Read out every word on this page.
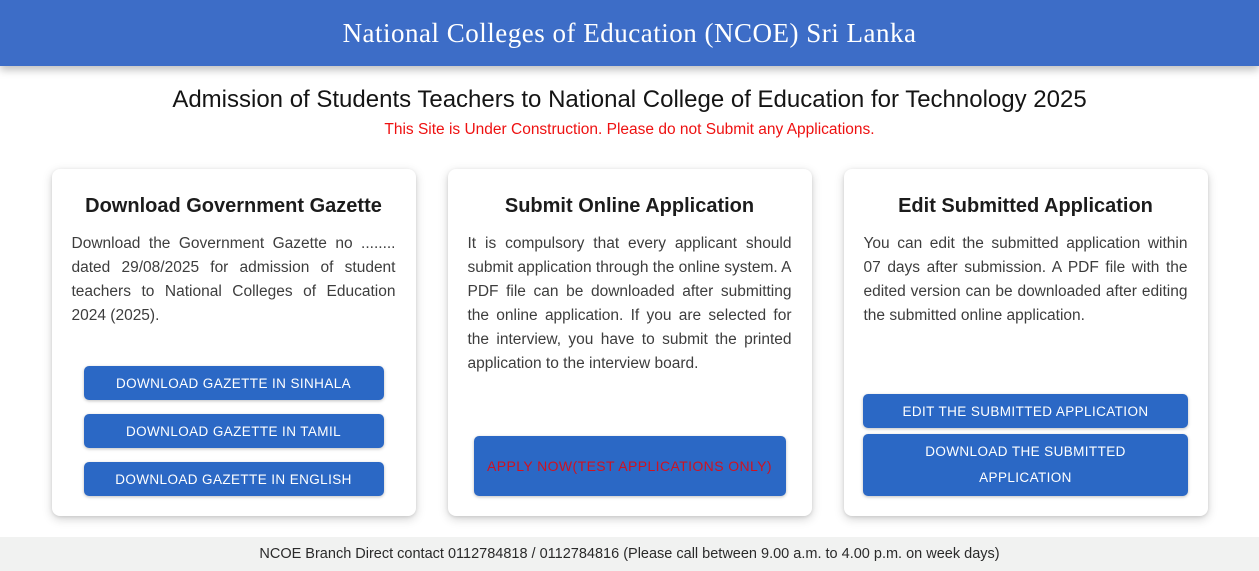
National Colleges of Education (NCOE) Sri Lanka
Admission of Students Teachers to National College of Education for Technology 2025
This Site is Under Construction. Please do not Submit any Applications.
Download Government Gazette

Download the Government Gazette no ........ dated 29/08/2025 for admission of student teachers to National Colleges of Education 2024 (2025).

DOWNLOAD GAZETTE IN SINHALA
DOWNLOAD GAZETTE IN TAMIL
DOWNLOAD GAZETTE IN ENGLISH
Submit Online Application

It is compulsory that every applicant should submit application through the online system. A PDF file can be downloaded after submitting the online application. If you are selected for the interview, you have to submit the printed application to the interview board.

APPLY NOW(TEST APPLICATIONS ONLY)
Edit Submitted Application

You can edit the submitted application within 07 days after submission. A PDF file with the edited version can be downloaded after editing the submitted online application.

EDIT THE SUBMITTED APPLICATION
DOWNLOAD THE SUBMITTED APPLICATION
NCOE Branch Direct contact 0112784818 / 0112784816 (Please call between 9.00 a.m. to 4.00 p.m. on week days)
